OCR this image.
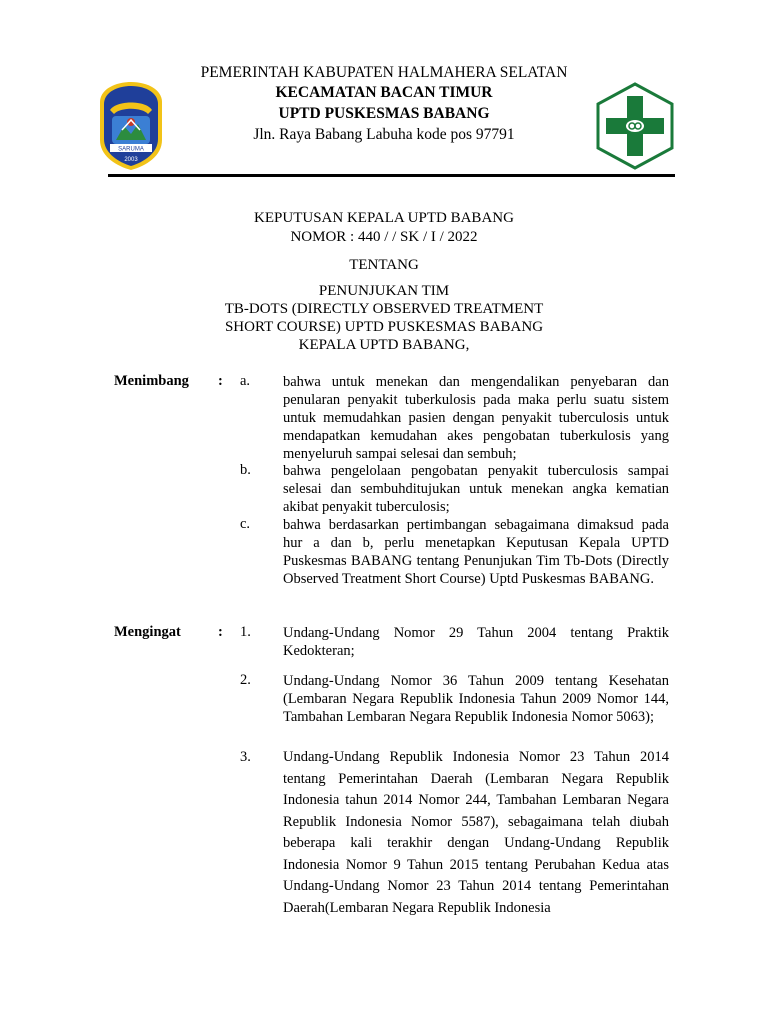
SARUMA
2003
PEMERINTAH KABUPATEN HALMAHERA SELATAN
KECAMATAN BACAN TIMUR
UPTD PUSKESMAS BABANG
Jln. Raya Babang Labuha kode pos 97791
KEPUTUSAN KEPALA UPTD BABANG
NOMOR : 440 / / SK / I / 2022
TENTANG
PENUNJUKAN TIM
TB-DOTS (DIRECTLY OBSERVED TREATMENT
SHORT COURSE) UPTD PUSKESMAS BABANG
KEPALA UPTD BABANG,
Menimbang : a. bahwa untuk menekan dan mengendalikan penyebaran dan penularan penyakit tuberkulosis pada maka perlu suatu sistem untuk memudahkan pasien dengan penyakit tuberculosis untuk mendapatkan kemudahan akes pengobatan tuberkulosis yang menyeluruh sampai selesai dan sembuh;
b. bahwa pengelolaan pengobatan penyakit tuberculosis sampai selesai dan sembuhditujukan untuk menekan angka kematian akibat penyakit tuberculosis;
c. bahwa berdasarkan pertimbangan sebagaimana dimaksud pada hur a dan b, perlu menetapkan Keputusan Kepala UPTD Puskesmas BABANG tentang Penunjukan Tim Tb-Dots (Directly Observed Treatment Short Course) Uptd Puskesmas BABANG.
Mengingat	: 1. Undang-Undang Nomor 29 Tahun 2004 tentang Praktik Kedokteran;
2. Undang-Undang Nomor 36 Tahun 2009 tentang Kesehatan (Lembaran Negara Republik Indonesia Tahun 2009 Nomor 144, Tambahan Lembaran Negara Republik Indonesia Nomor 5063);
3. Undang-Undang Republik Indonesia Nomor 23 Tahun 2014 tentang Pemerintahan Daerah (Lembaran Negara Republik Indonesia tahun 2014 Nomor 244, Tambahan Lembaran Negara Republik Indonesia Nomor 5587), sebagaimana telah diubah beberapa kali terakhir dengan Undang-Undang Republik Indonesia Nomor 9 Tahun 2015 tentang Perubahan Kedua atas Undang-Undang Nomor 23 Tahun 2014 tentang Pemerintahan Daerah(Lembaran Negara Republik Indonesia
